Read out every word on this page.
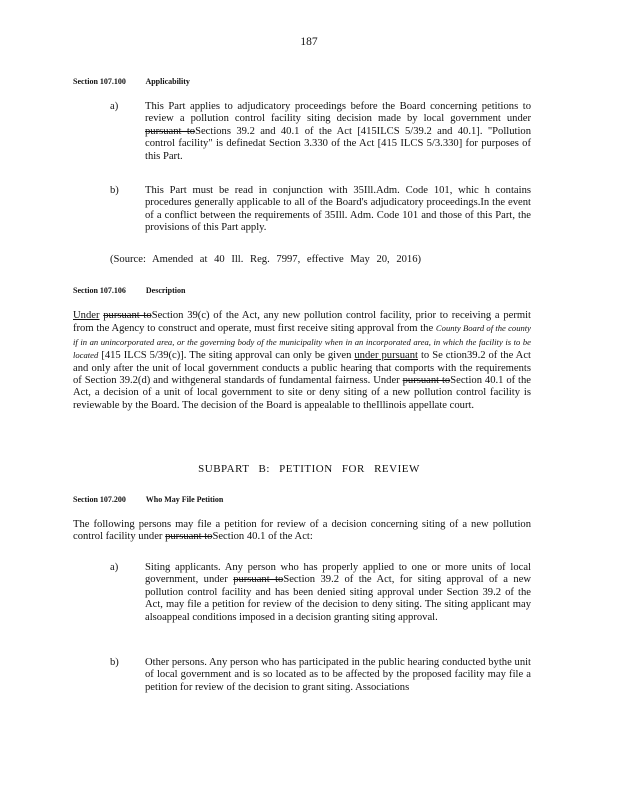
187
Section 107.100 Applicability
a)	This Part applies to adjudicatory proceedings before the Board concerning petitions to review a pollution control facility siting decision made by local government under pursuant toSections 39.2 and 40.1 of the Act [415ILCS 5/39.2 and 40.1]. "Pollution control facility" is definedat Section 3.330 of the Act [415 ILCS 5/3.330] for purposes of this Part.

b) This Part must be read in conjunction with 35Ill.Adm. Code 101, whic h contains procedures generally applicable to all of the Board's adjudicatory proceedings.In the event of a conflict between the requirements of 35Ill. Adm. Code 101 and those of this Part, the provisions of this Part apply.

(Source: Amended at 40 Ill. Reg. 7997, effective May 20, 2016)
Section 107.106	Description

Under pursuant toSection 39(c) of the Act, any new pollution control facility, prior to receiving a permit from the Agency to construct and operate, must first receive siting approval from the County Board of the county if in an unincorporated area, or the governing body of the municipality when in an incorporated area, in which the facility is to be located [415 ILCS 5/39(c)]. The siting approval can only be given under pursuant to Se ction39.2 of the Act and only after the unit of local government conducts a public hearing that comports with the requirements of Section 39.2(d) and withgeneral standards of fundamental fairness. Under pursuant toSection 40.1 of the Act, a decision of a unit of local government to site or deny siting of a new pollution control facility is reviewable by the Board. The decision of the Board is appealable to theIllinois appellate court.

SUBPART B: PETITION FOR REVIEW
Section 107.200 Who May File Petition

The following persons may file a petition for review of a decision concerning siting of a new pollution control facility under pursuant toSection 40.1 of the Act:

a)	Siting applicants. Any person who has properly applied to one or more units of local government, under pursuant toSection 39.2 of the Act, for siting approval of a new pollution control facility and has been denied siting approval under Section 39.2 of the Act, may file a petition for review of the decision to deny siting. The siting applicant may alsoappeal conditions imposed in a decision granting siting approval.

b) Other persons. Any person who has participated in the public hearing conducted bythe unit of local government and is so located as to be affected by the proposed facility may file a petition for review of the decision to grant siting. Associations
